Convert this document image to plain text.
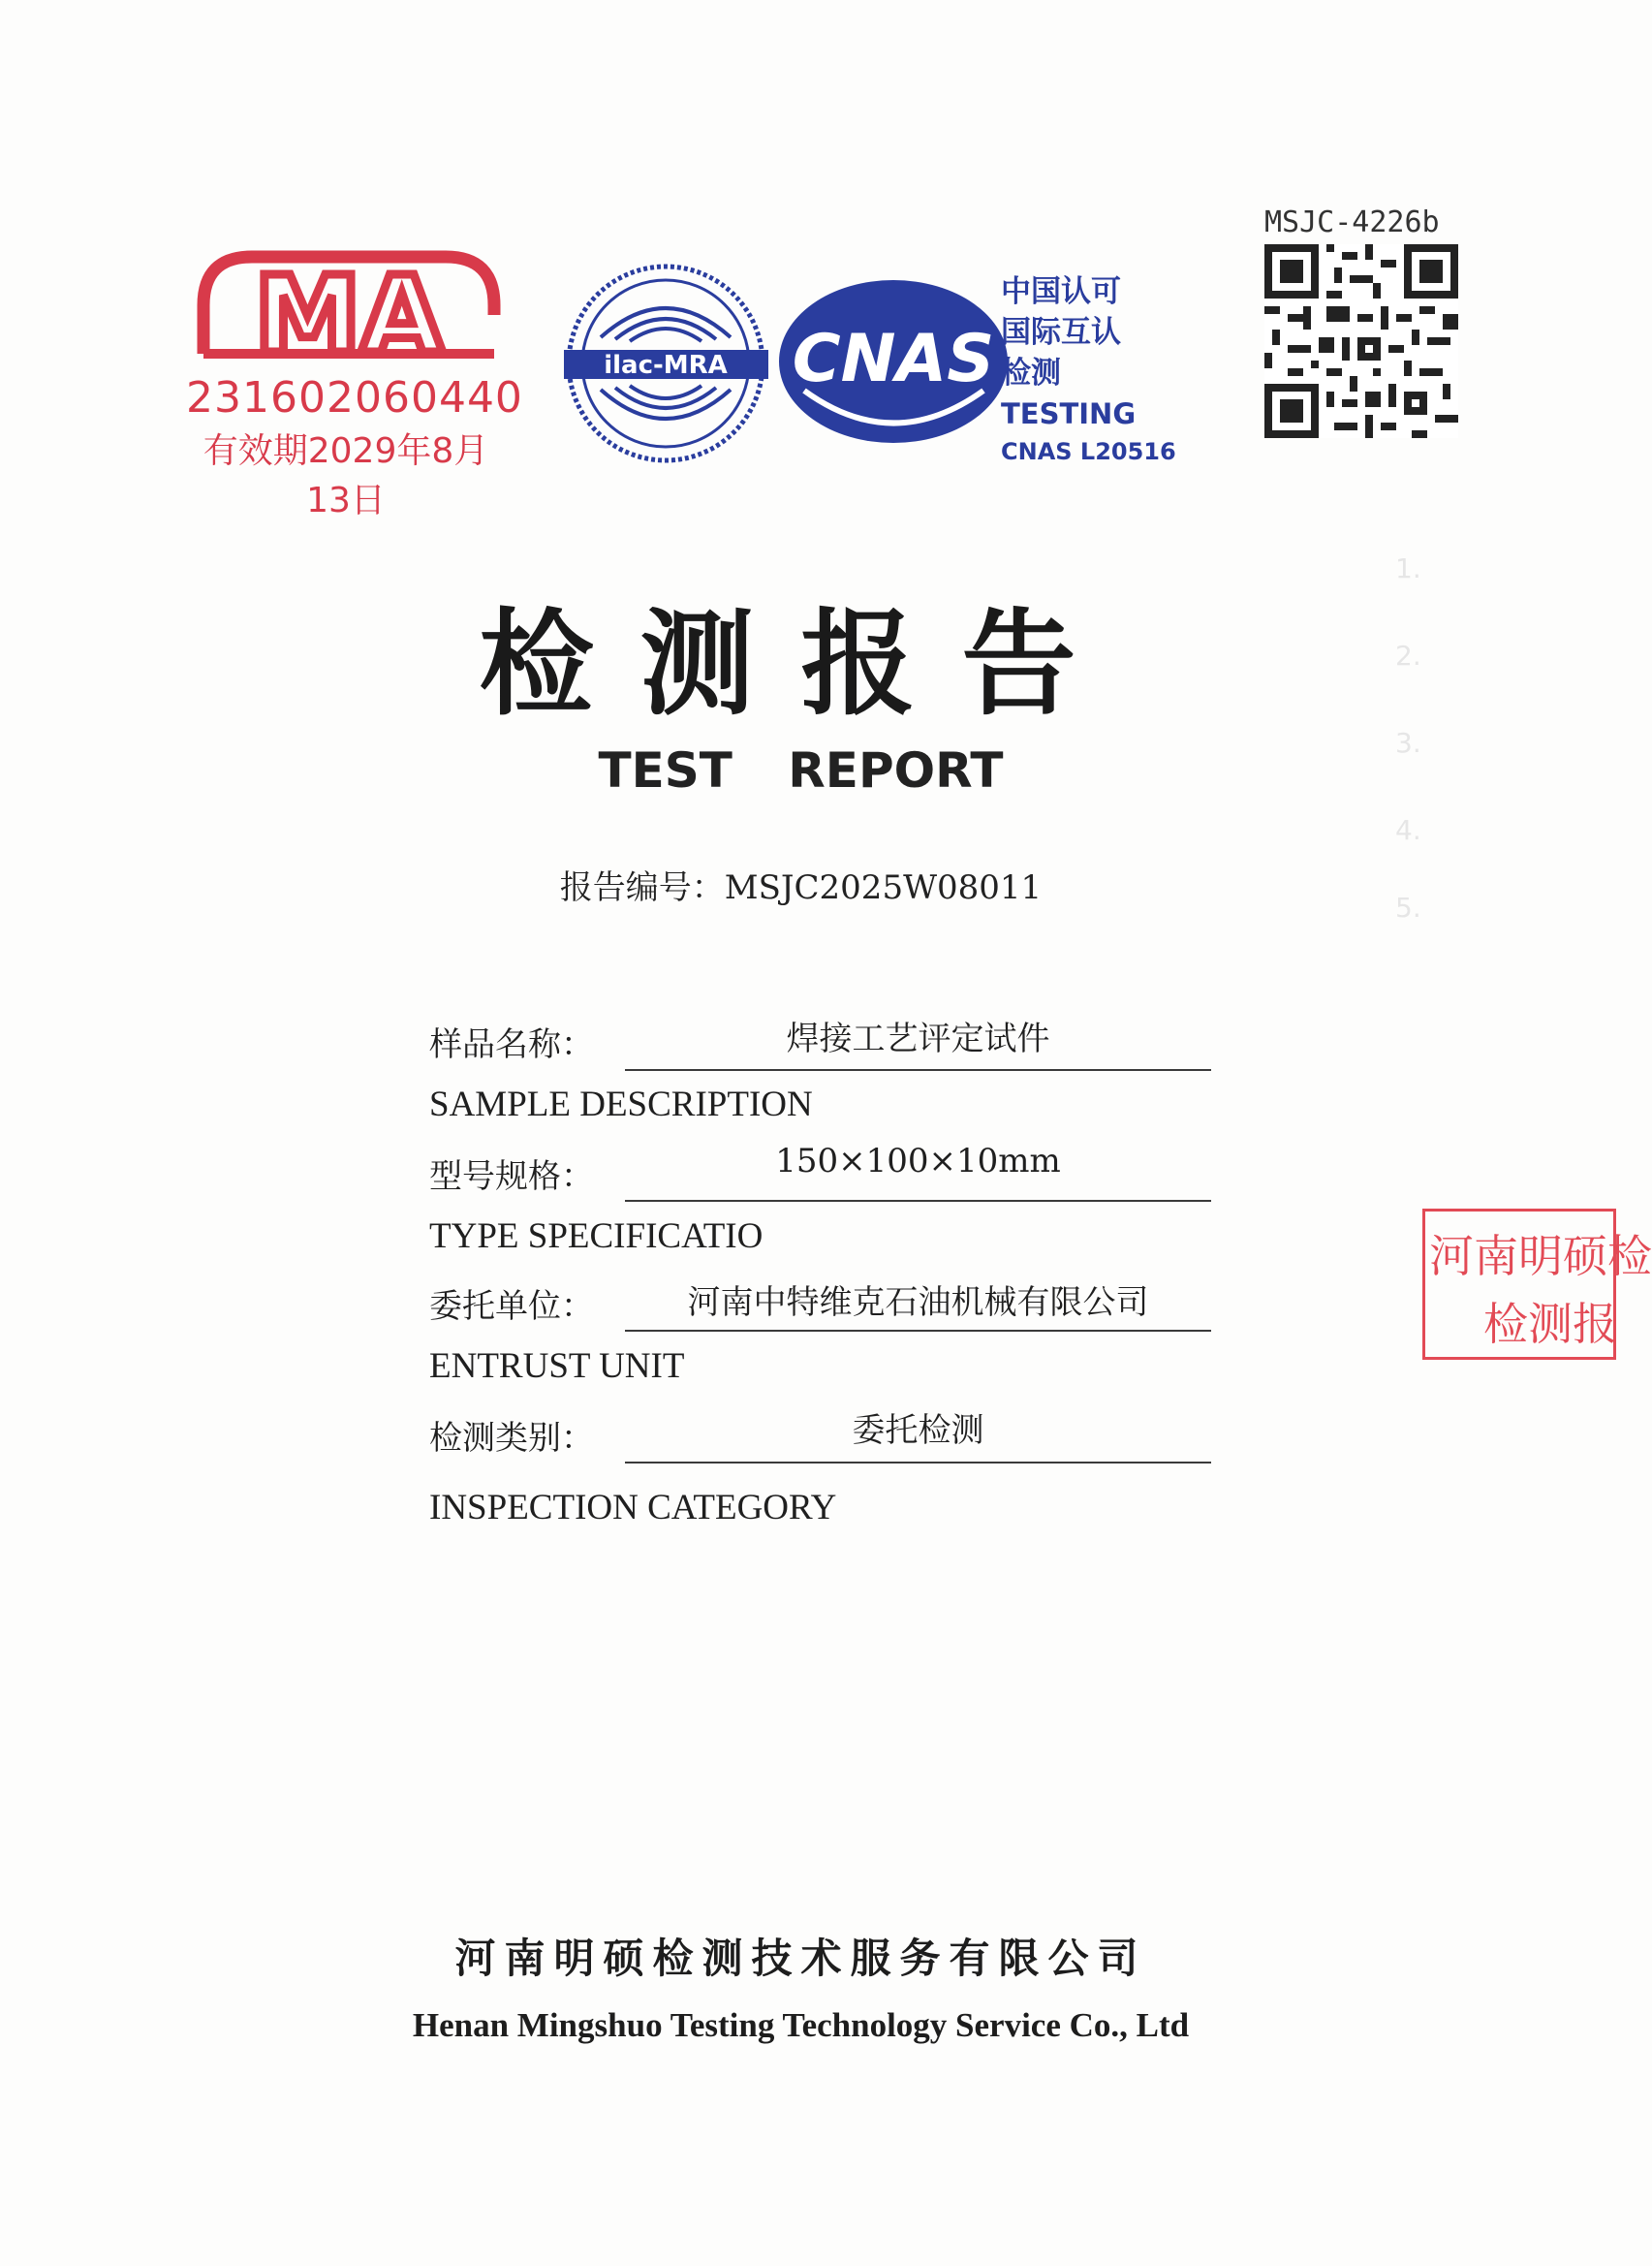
1.
2.
3.
4.
5.
MA
231602060440
有效期2029年8月13日
ilac-MRA CNAS
中国认可
国际互认
检测
TESTING
CNAS L20516
MSJC-4226b
检测报告
TEST REPORT
报告编号：MSJC2025W08011
样品名称：	焊接工艺评定试件
SAMPLE DESCRIPTION
型号规格：	150×100×10mm
TYPE SPECIFICATIO
委托单位：	河南中特维克石油机械有限公司
ENTRUST UNIT
检测类别：	委托检测
INSPECTION CATEGORY
河南明硕检
检测报
河南明硕检测技术服务有限公司
Henan Mingshuo Testing Technology Service Co., Ltd
